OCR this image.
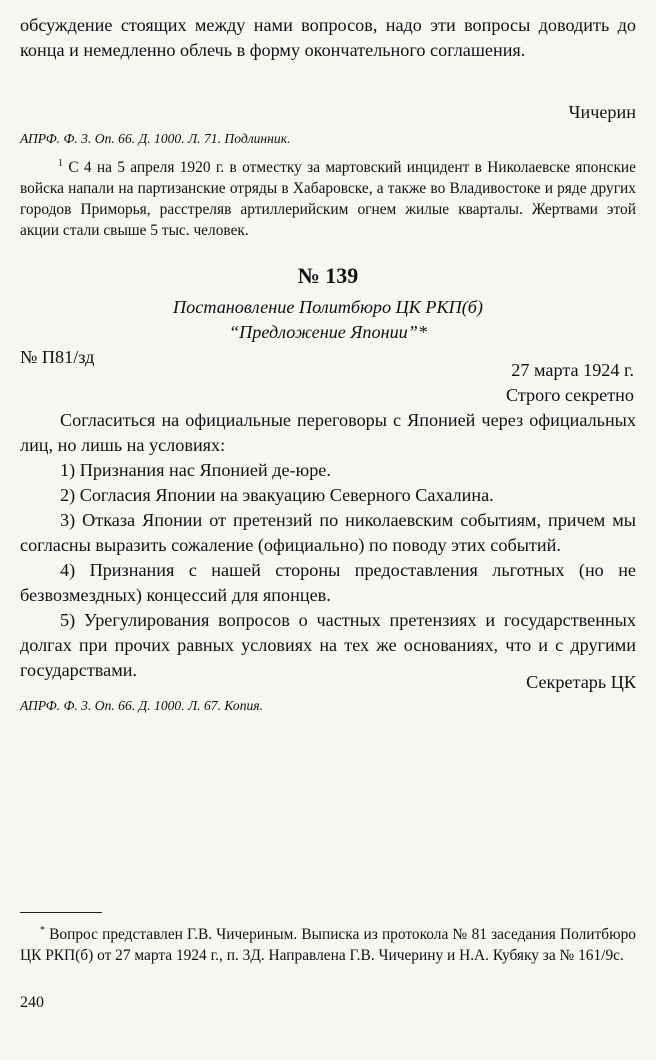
обсуждение стоящих между нами вопросов, надо эти вопросы доводить до конца и немедленно облечь в форму окончательного соглашения.

Чичерин

АПРФ. Ф. 3. Оп. 66. Д. 1000. Л. 71. Подлинник.

$^1$ С 4 на 5 апреля 1920 г. в отместку за мартовский инцидент в Николаевске японские войска напали на партизанские отряды в Хабаровске, а также во Владивостоке и ряде других городов Приморья, расстреляв артиллерийским огнем жилые кварталы. Жертвами этой акции стали свыше 5 тыс. человек.

№ 139

Постановление Политбюро ЦК РКП(б)

“Предложение Японии”*

№ П81/зд

27 марта 1924 г.

Строго секретно

Согласиться на официальные переговоры с Японией через официальных лиц, но лишь на условиях:

1) Признания нас Японией де-юре.

2) Согласия Японии на эвакуацию Северного Сахалина.

3) Отказа Японии от претензий по николаевским событиям, причем мы согласны выразить сожаление (официально) по поводу этих событий.

4) Признания с нашей стороны предоставления льготных (но не безвозмездных) концессий для японцев.

5) Урегулирования вопросов о частных претензиях и государственных долгах при прочих равных условиях на тех же основаниях, что и с другими государствами.

Секретарь ЦК

АПРФ. Ф. 3. Оп. 66. Д. 1000. Л. 67. Копия.

* Вопрос представлен Г.В. Чичериным. Выписка из протокола № 81 заседания Политбюро ЦК РКП(б) от 27 марта 1924 г., п. 3Д. Направлена Г.В. Чичерину и Н.А. Кубяку за № 161/9с.

240
